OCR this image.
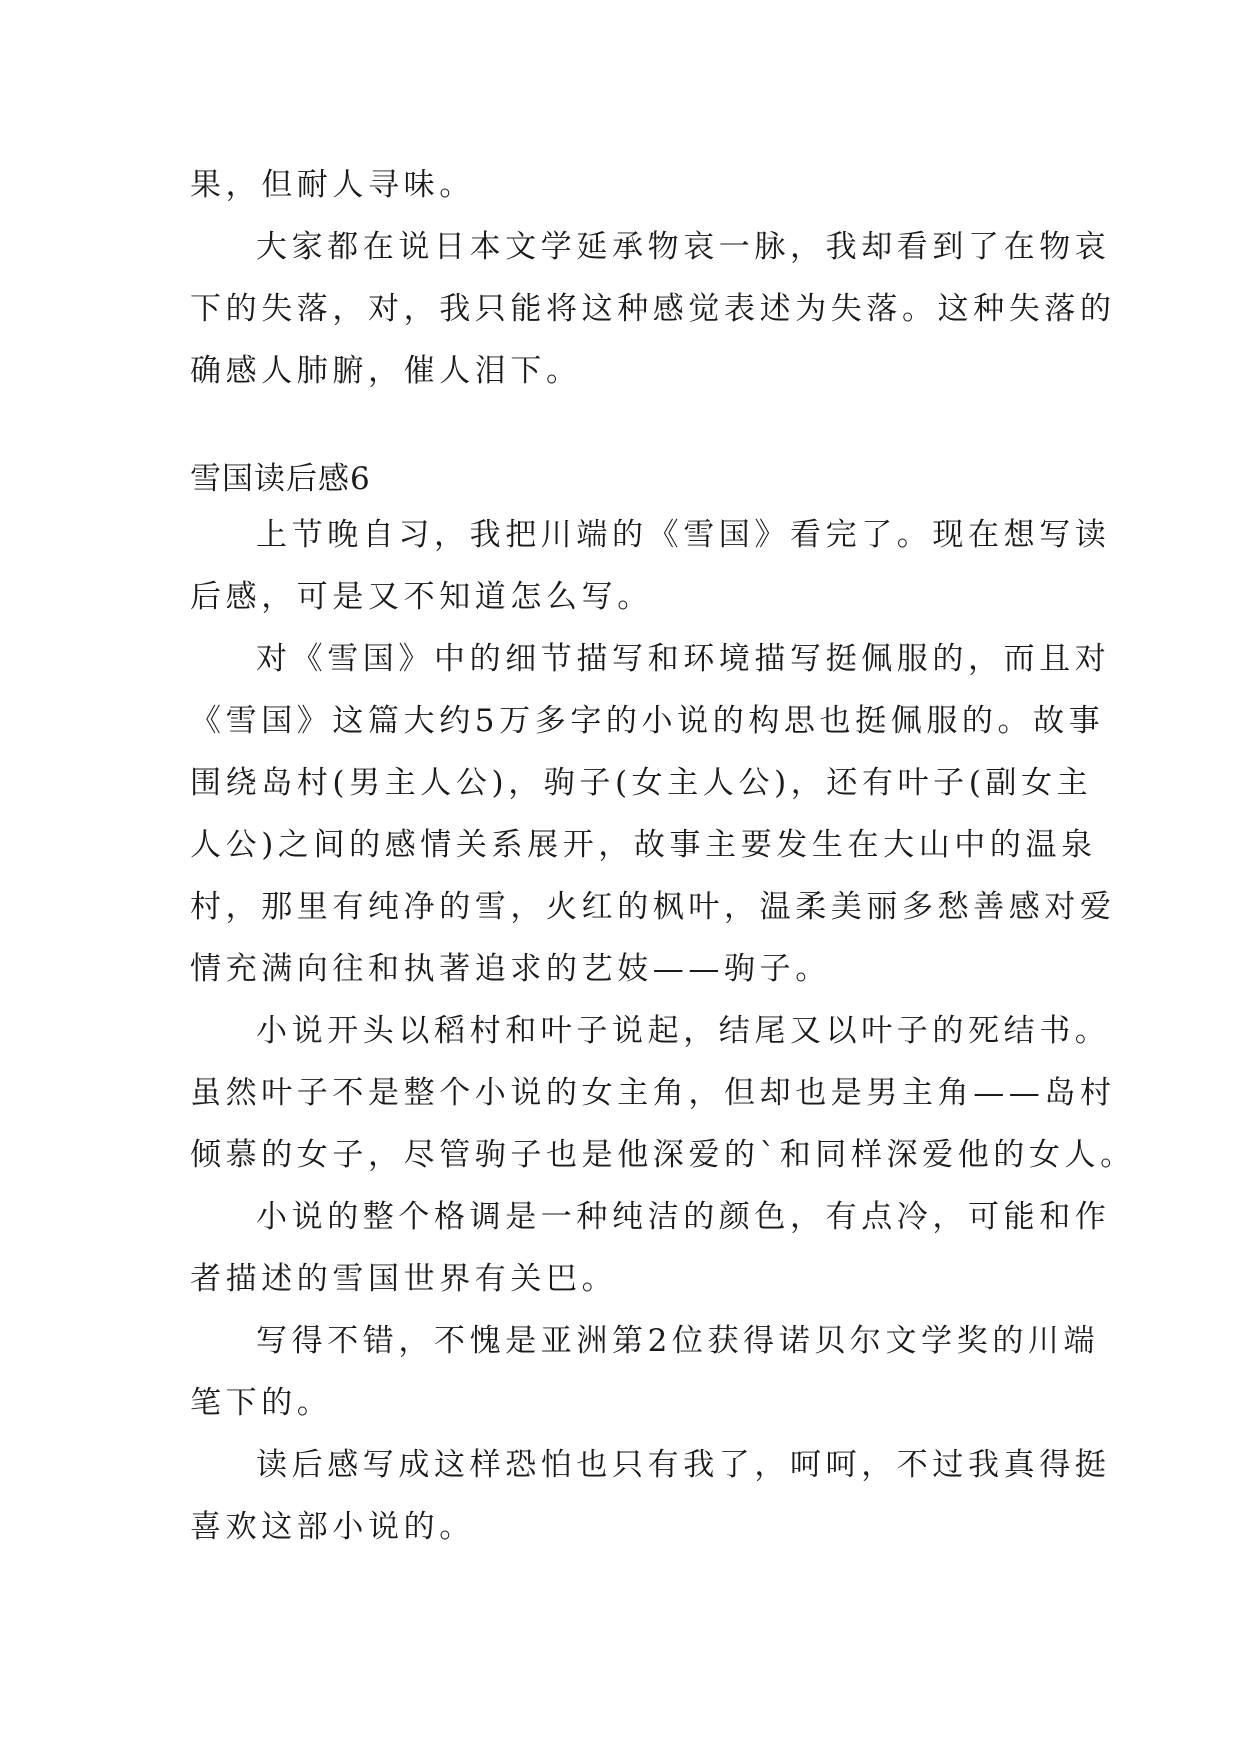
果，但耐人寻味。
大家都在说日本文学延承物哀一脉，我却看到了在物哀
下的失落，对，我只能将这种感觉表述为失落。这种失落的
确感人肺腑，催人泪下。
雪国读后感6
上节晚自习，我把川端的《雪国》看完了。现在想写读
后感，可是又不知道怎么写。
对《雪国》中的细节描写和环境描写挺佩服的，而且对
《雪国》这篇大约5万多字的小说的构思也挺佩服的。故事
围绕岛村(男主人公)，驹子(女主人公)，还有叶子(副女主
人公)之间的感情关系展开，故事主要发生在大山中的温泉
村，那里有纯净的雪，火红的枫叶，温柔美丽多愁善感对爱
情充满向往和执著追求的艺妓——驹子。
小说开头以稻村和叶子说起，结尾又以叶子的死结书。
虽然叶子不是整个小说的女主角，但却也是男主角——岛村
倾慕的女子，尽管驹子也是他深爱的`和同样深爱他的女人。
小说的整个格调是一种纯洁的颜色，有点冷，可能和作
者描述的雪国世界有关巴。
写得不错，不愧是亚洲第2位获得诺贝尔文学奖的川端
笔下的。
读后感写成这样恐怕也只有我了，呵呵，不过我真得挺
喜欢这部小说的。
